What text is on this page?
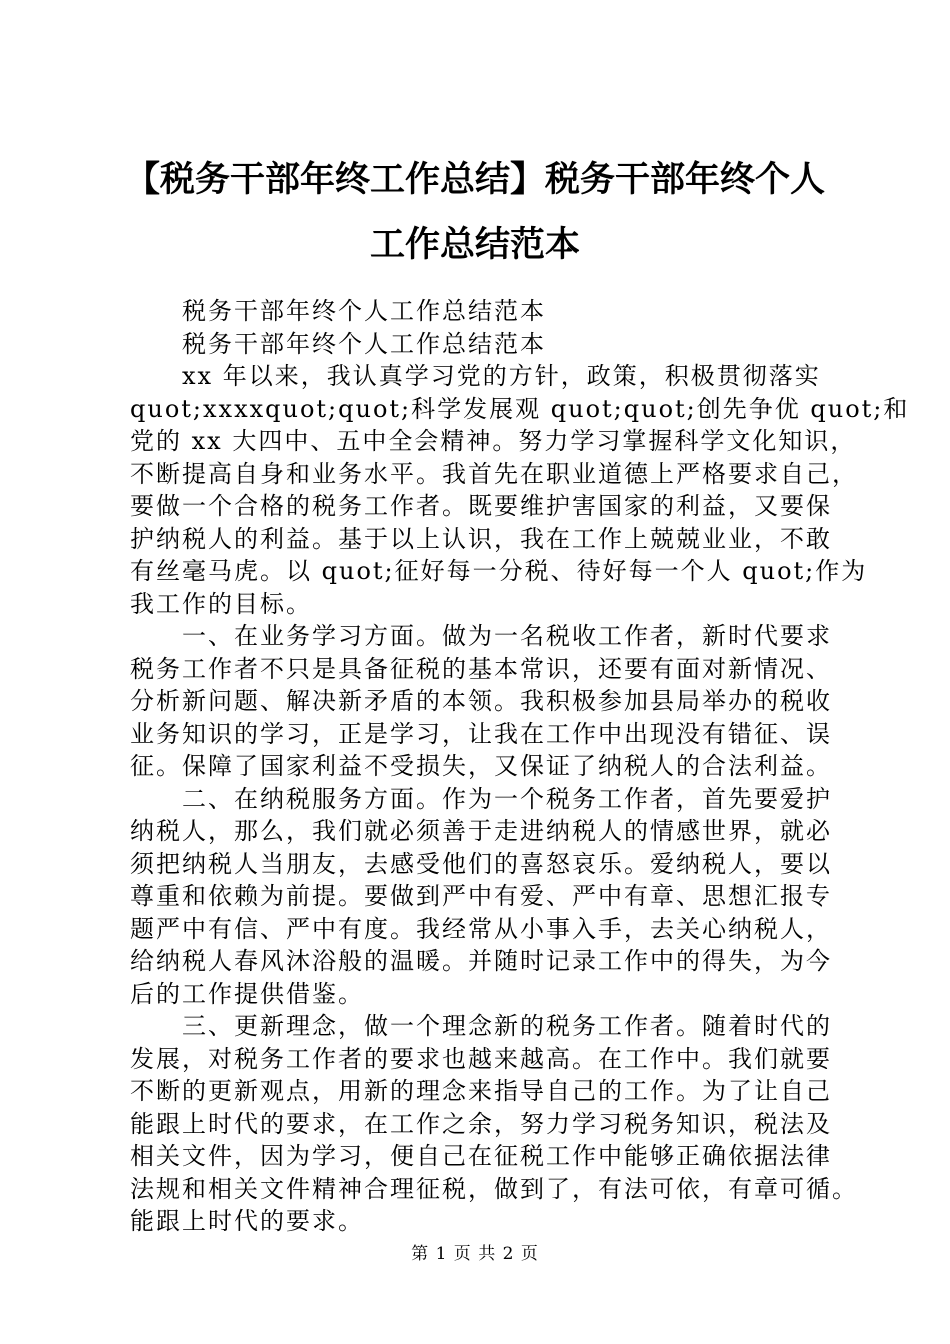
【税务干部年终工作总结】税务干部年终个人
工作总结范本
税务干部年终个人工作总结范本
税务干部年终个人工作总结范本
xx 年以来，我认真学习党的方针，政策，积极贯彻落实
quot;xxxxquot;quot;科学发展观 quot;quot;创先争优 quot;和
党的 xx 大四中、五中全会精神。努力学习掌握科学文化知识，
不断提高自身和业务水平。我首先在职业道德上严格要求自己，
要做一个合格的税务工作者。既要维护害国家的利益，又要保
护纳税人的利益。基于以上认识，我在工作上兢兢业业，不敢
有丝毫马虎。以 quot;征好每一分税、待好每一个人 quot;作为
我工作的目标。
一、在业务学习方面。做为一名税收工作者，新时代要求
税务工作者不只是具备征税的基本常识，还要有面对新情况、
分析新问题、解决新矛盾的本领。我积极参加县局举办的税收
业务知识的学习，正是学习，让我在工作中出现没有错征、误
征。保障了国家利益不受损失，又保证了纳税人的合法利益。
二、在纳税服务方面。作为一个税务工作者，首先要爱护
纳税人，那么，我们就必须善于走进纳税人的情感世界，就必
须把纳税人当朋友，去感受他们的喜怒哀乐。爱纳税人，要以
尊重和依赖为前提。要做到严中有爱、严中有章、思想汇报专
题严中有信、严中有度。我经常从小事入手，去关心纳税人，
给纳税人春风沐浴般的温暖。并随时记录工作中的得失，为今
后的工作提供借鉴。
三、更新理念，做一个理念新的税务工作者。随着时代的
发展，对税务工作者的要求也越来越高。在工作中。我们就要
不断的更新观点，用新的理念来指导自己的工作。为了让自己
能跟上时代的要求，在工作之余，努力学习税务知识，税法及
相关文件，因为学习，便自己在征税工作中能够正确依据法律
法规和相关文件精神合理征税，做到了，有法可依，有章可循。
能跟上时代的要求。
第 1 页 共 2 页
